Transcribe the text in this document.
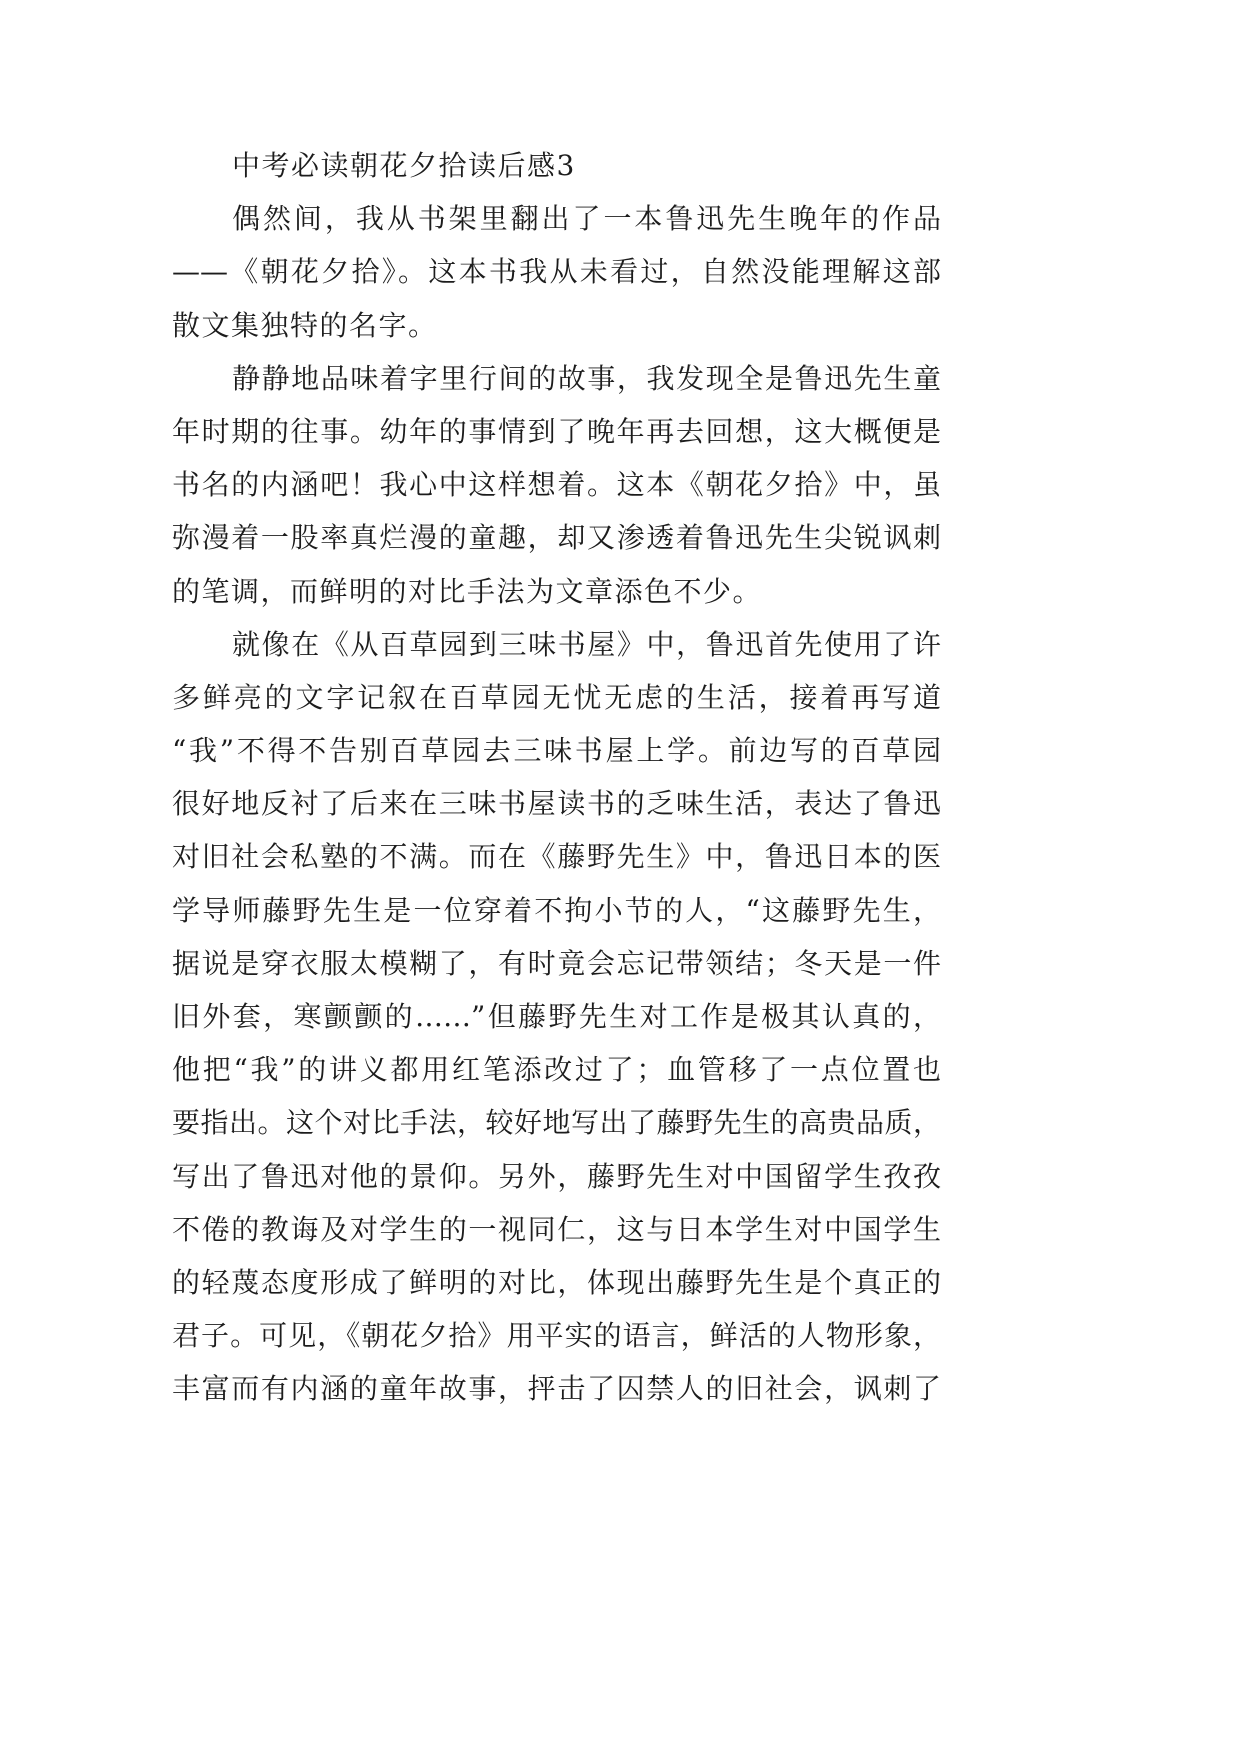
中考必读朝花夕拾读后感3
偶然间，我从书架里翻出了一本鲁迅先生晚年的作品
——《朝花夕拾》。这本书我从未看过，自然没能理解这部
散文集独特的名字。
静静地品味着字里行间的故事，我发现全是鲁迅先生童
年时期的往事。幼年的事情到了晚年再去回想，这大概便是
书名的内涵吧！我心中这样想着。这本《朝花夕拾》中，虽
弥漫着一股率真烂漫的童趣，却又渗透着鲁迅先生尖锐讽刺
的笔调，而鲜明的对比手法为文章添色不少。
就像在《从百草园到三味书屋》中，鲁迅首先使用了许
多鲜亮的文字记叙在百草园无忧无虑的生活，接着再写道
“我”不得不告别百草园去三味书屋上学。前边写的百草园
很好地反衬了后来在三味书屋读书的乏味生活，表达了鲁迅
对旧社会私塾的不满。而在《藤野先生》中，鲁迅日本的医
学导师藤野先生是一位穿着不拘小节的人，“这藤野先生，
据说是穿衣服太模糊了，有时竟会忘记带领结；冬天是一件
旧外套，寒颤颤的……”但藤野先生对工作是极其认真的，
他把“我”的讲义都用红笔添改过了；血管移了一点位置也
要指出。这个对比手法，较好地写出了藤野先生的高贵品质，
写出了鲁迅对他的景仰。另外，藤野先生对中国留学生孜孜
不倦的教诲及对学生的一视同仁，这与日本学生对中国学生
的轻蔑态度形成了鲜明的对比，体现出藤野先生是个真正的
君子。可见，《朝花夕拾》用平实的语言，鲜活的人物形象，
丰富而有内涵的童年故事，抨击了囚禁人的旧社会，讽刺了
